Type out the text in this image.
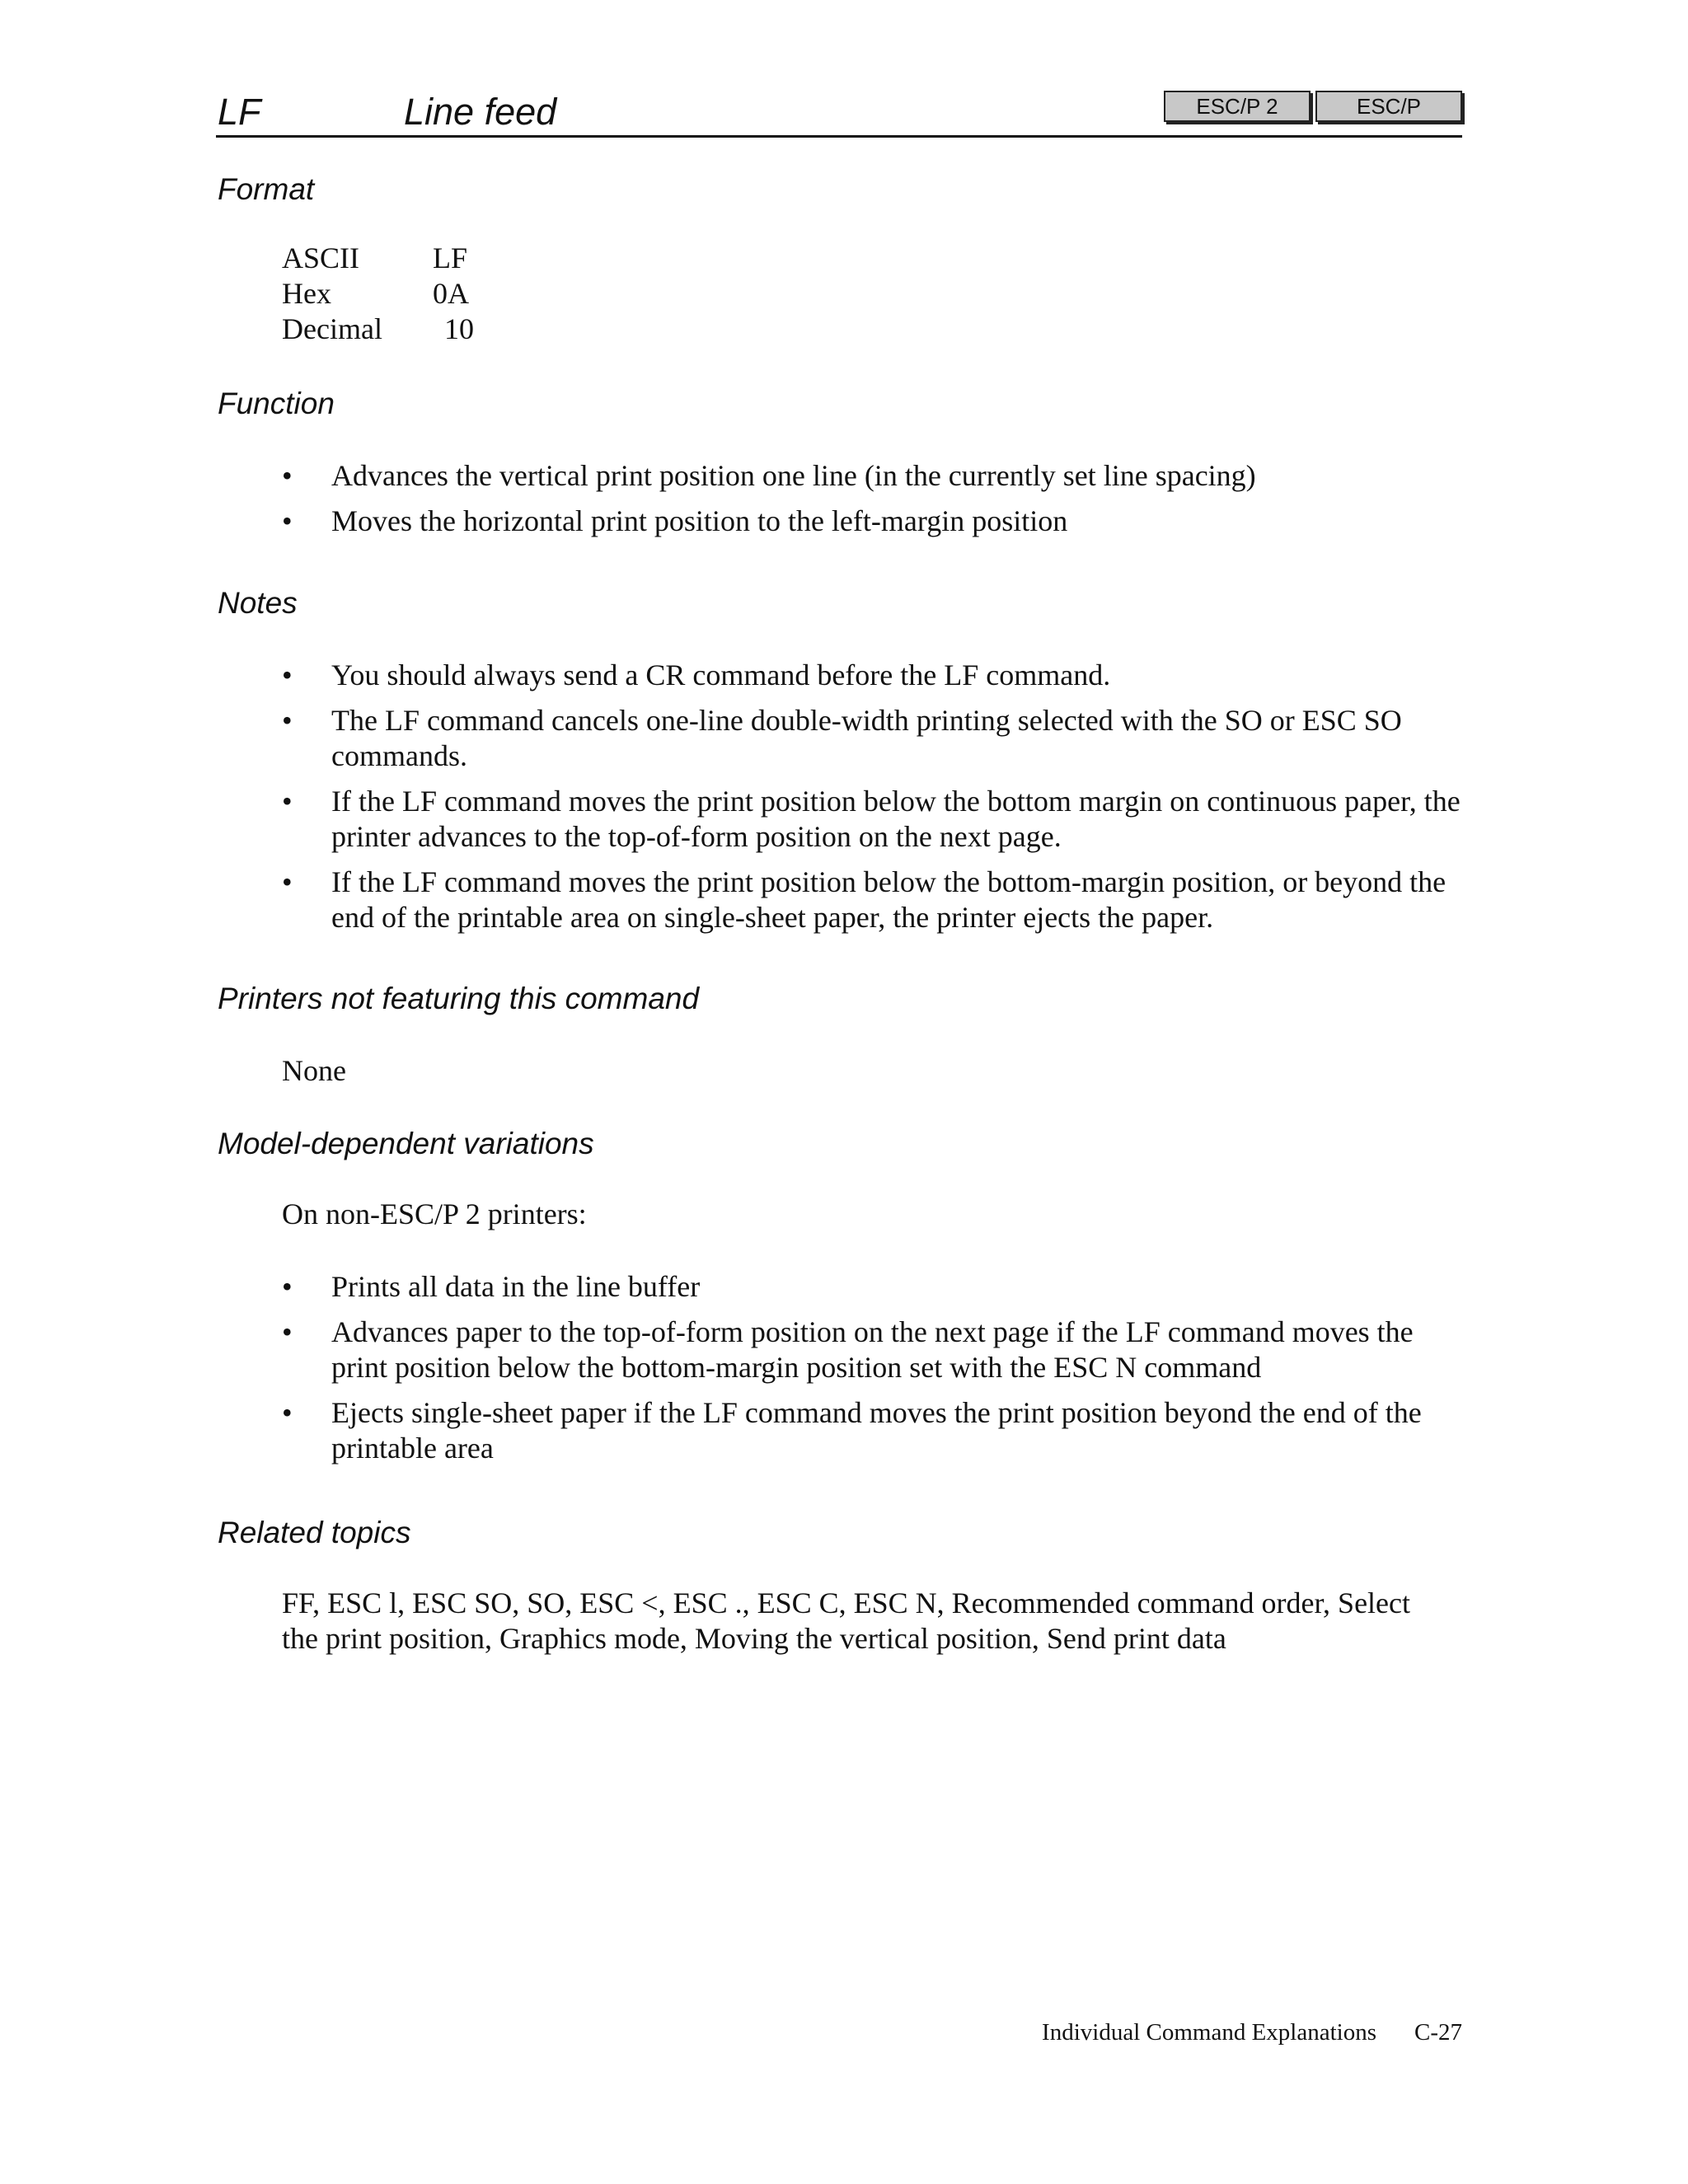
LF	Line feed	ESC/P 2	ESC/P
Format
ASCII	LF
Hex	0A
Decimal	10
Function
• Advances the vertical print position one line (in the currently set line spacing)
• Moves the horizontal print position to the left-margin position
Notes
• You should always send a CR command before the LF command.
• The LF command cancels one-line double-width printing selected with the SO or ESC SO commands.
• If the LF command moves the print position below the bottom margin on continuous paper, the printer advances to the top-of-form position on the next page.
• If the LF command moves the print position below the bottom-margin position, or beyond the end of the printable area on single-sheet paper, the printer ejects the paper.
Printers not featuring this command

None

Model-dependent variations

On non-ESC/P 2 printers:

• Prints all data in the line buffer
• Advances paper to the top-of-form position on the next page if the LF command moves the print position below the bottom-margin position set with the ESC N command
• Ejects single-sheet paper if the LF command moves the print position beyond the end of the printable area
Related topics

FF, ESC l, ESC SO, SO, ESC <, ESC ., ESC C, ESC N, Recommended command order, Select the print position, Graphics mode, Moving the vertical position, Send print data

Individual Command Explanations C-27
